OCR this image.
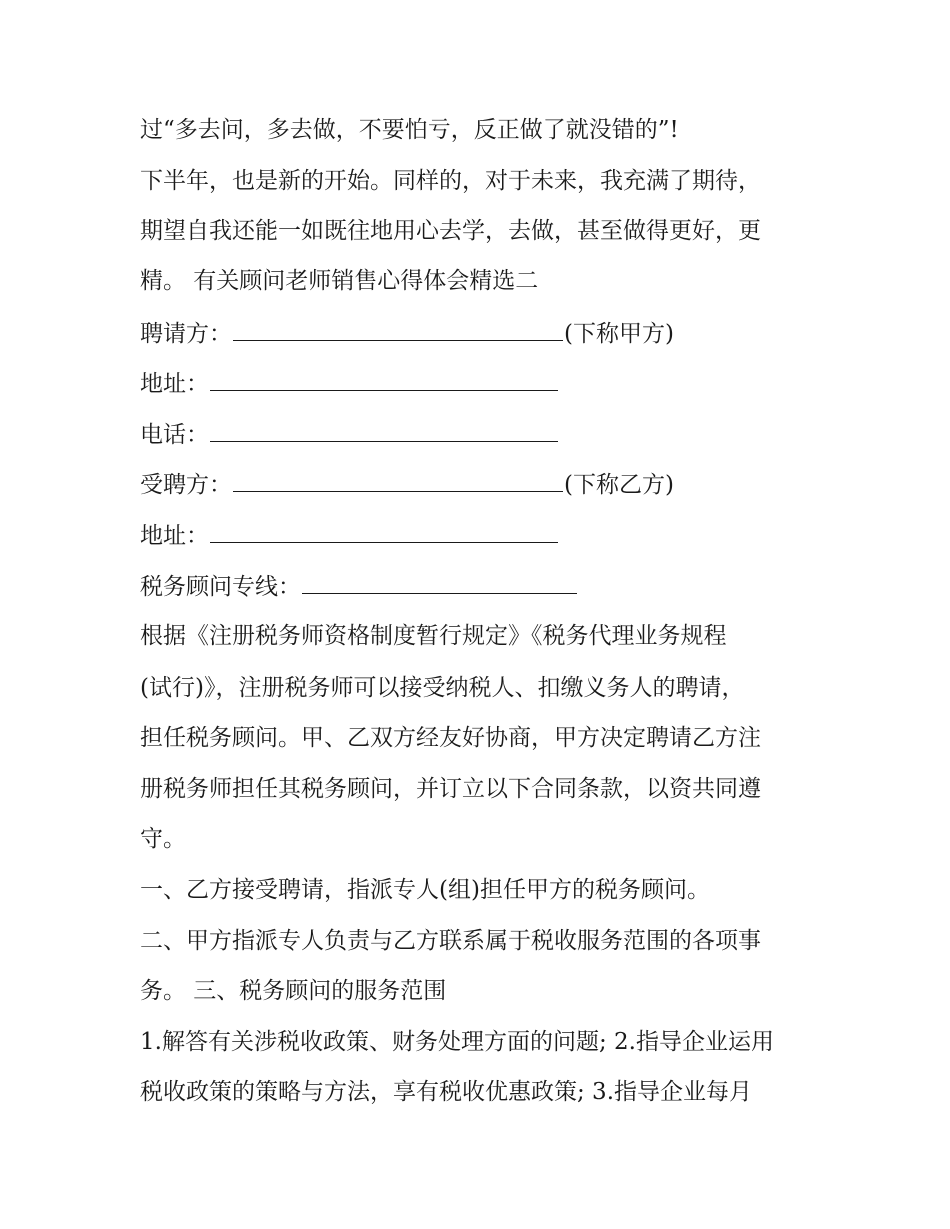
过“多去问，多去做，不要怕亏，反正做了就没错的”!
下半年，也是新的开始。同样的，对于未来，我充满了期待，
期望自我还能一如既往地用心去学，去做，甚至做得更好，更
精。 有关顾问老师销售心得体会精选二
聘请方：	(下称甲方)
地址：
电话：
受聘方：	(下称乙方)
地址：
税务顾问专线：
根据《注册税务师资格制度暂行规定》《税务代理业务规程
(试行)》，注册税务师可以接受纳税人、扣缴义务人的聘请，
担任税务顾问。甲、乙双方经友好协商，甲方决定聘请乙方注
册税务师担任其税务顾问，并订立以下合同条款，以资共同遵
守。
一、乙方接受聘请，指派专人(组)担任甲方的税务顾问。
二、甲方指派专人负责与乙方联系属于税收服务范围的各项事
务。 三、税务顾问的服务范围
1.解答有关涉税收政策、财务处理方面的问题; 2.指导企业运用
税收政策的策略与方法，享有税收优惠政策; 3.指导企业每月
